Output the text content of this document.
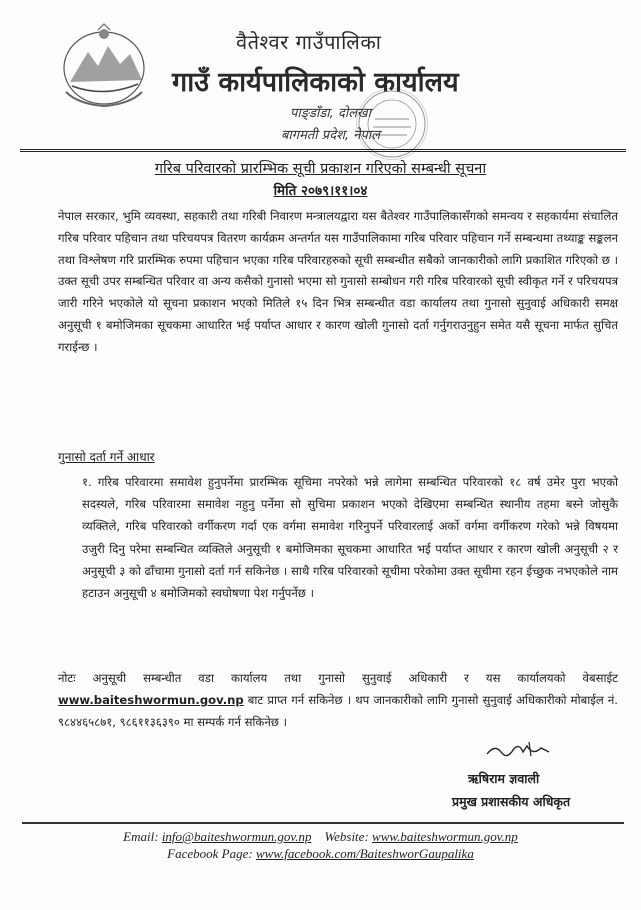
वैतेश्वर गाउँपालिका
गाउँ कार्यपालिकाको कार्यालय
पाङ्डाँडा, दोलखा
बागमती प्रदेश, नेपाल
गरिब परिवारको प्रारम्भिक सूची प्रकाशन गरिएको सम्बन्धी सूचना
मिति २०७९।११।०४
नेपाल सरकार, भुमि व्यवस्था, सहकारी तथा गरिबी निवारण मन्त्रालयद्वारा यस बैतेश्वर गाउँपालिकासँगको समन्वय र सहकार्यमा संचालित गरिब परिवार पहिचान तथा परिचयपत्र वितरण कार्यक्रम अन्तर्गत यस गाउँपालिकामा गरिब परिवार पहिचान गर्ने सम्बन्धमा तथ्याङ्क सङ्कलन तथा विश्लेषण गरि प्रारम्भिक रुपमा पहिचान भएका गरिब परिवारहरुको सूची सम्बन्धीत सबैको जानकारीको लागि प्रकाशित गरिएको छ । उक्त सूची उपर सम्बन्धित परिवार वा अन्य कसैको गुनासो भएमा सो गुनासो सम्बोधन गरी गरिब परिवारको सूची स्वीकृत गर्ने र परिचयपत्र जारी गरिने भएकोले यो सूचना प्रकाशन भएको मितिले १५ दिन भित्र सम्बन्धीत वडा कार्यालय तथा गुनासो सुनुवाई अधिकारी समक्ष अनुसूची १ बमोजिमका सूचकमा आधारित भई पर्याप्त आधार र कारण खोली गुनासो दर्ता गर्नुगराउनुहुन समेत यसै सूचना मार्फत सुचित गराईन्छ ।
गुनासो दर्ता गर्ने आधार
१. गरिब परिवारमा समावेश हुनुपर्नेमा प्रारम्भिक सूचिमा नपरेको भन्ने लागेमा सम्बन्धित परिवारको १८ वर्ष उमेर पुरा भएको सदस्यले, गरिब परिवारमा समावेश नहुनु पर्नेमा सो सुचिमा प्रकाशन भएको देखिएमा सम्बन्धित स्थानीय तहमा बस्ने जोसुकै व्यक्तिले, गरिब परिवारको वर्गीकरण गर्दा एक वर्गमा समावेश गरिनुपर्ने परिवारलाई अर्को वर्गमा वर्गीकरण गरेको भन्ने विषयमा उजुरी दिनु परेमा सम्बन्धित व्यक्तिले अनुसूची १ बमोजिमका सूचकमा आधारित भई पर्याप्त आधार र कारण खोली अनुसूची २ र अनुसूची ३ को ढाँचामा गुनासो दर्ता गर्न सकिनेछ । साथै गरिब परिवारको सूचीमा परेकोमा उक्त सूचीमा रहन ईच्छुक नभएकोले नाम हटाउन अनुसूची ४ बमोजिमको स्वघोषणा पेश गर्नुपर्नेछ ।
नोटः अनुसूची सम्बन्धीत वडा कार्यालय तथा गुनासो सुनुवाई अधिकारी र यस कार्यालयको वेबसाईट www.baiteshwormun.gov.np बाट प्राप्त गर्न सकिनेछ । थप जानकारीको लागि गुनासो सुनुवाई अधिकारीको मोबाईल नं. ९८४४६५८७१, ९८६११३६३९० मा सम्पर्क गर्न सकिनेछ ।
ऋषिराम ज्ञवाली
प्रमुख प्रशासकीय अधिकृत
Email: info@baiteshwormun.gov.np Website: www.baiteshwormun.gov.np
Facebook Page: www.facebook.com/BaiteshworGaupalika
